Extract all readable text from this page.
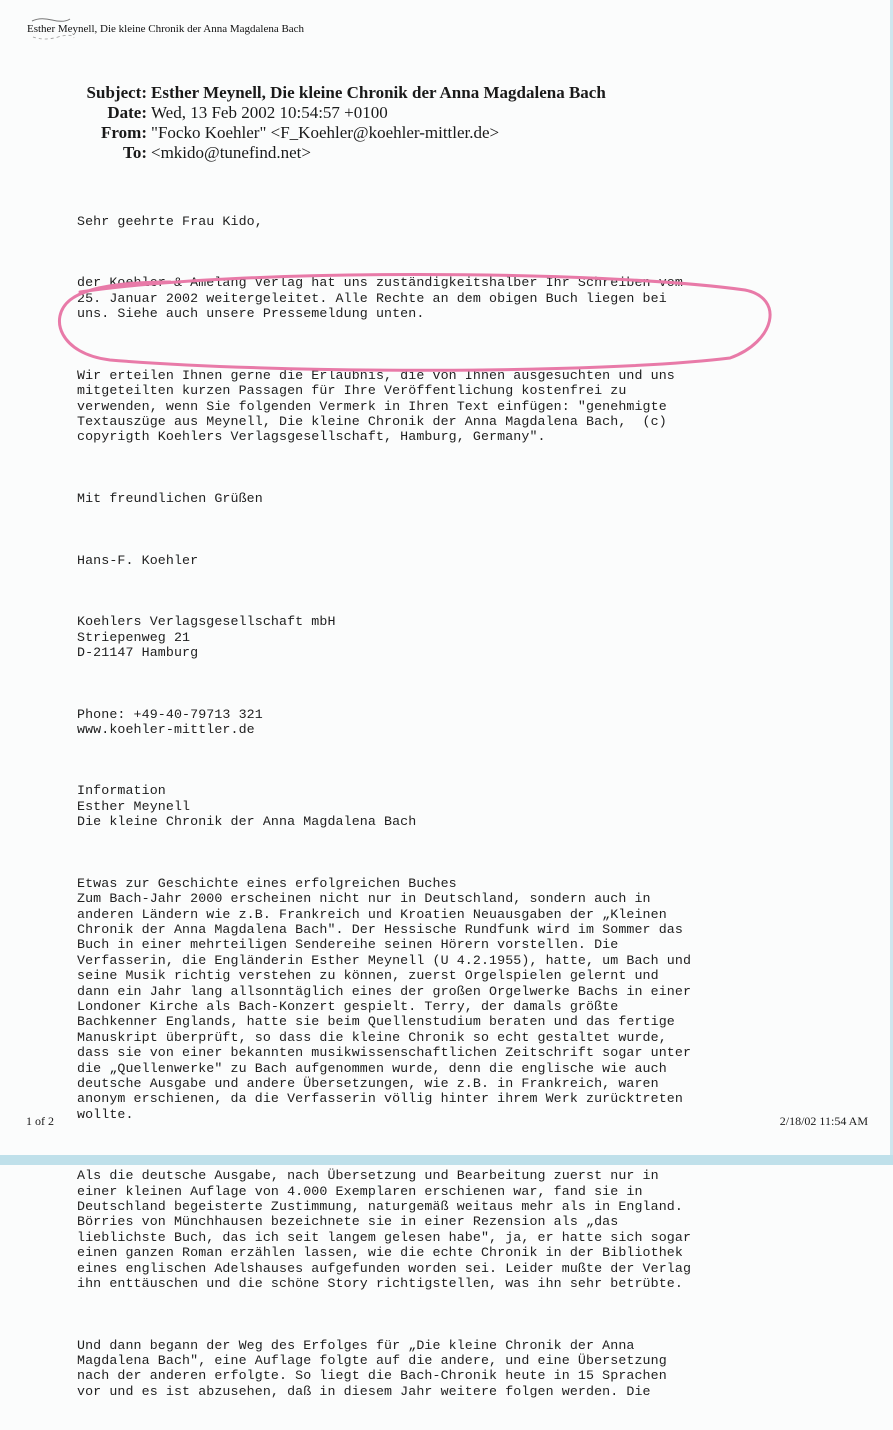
Esther Meynell, Die kleine Chronik der Anna Magdalena Bach
Subject: Esther Meynell, Die kleine Chronik der Anna Magdalena Bach
Date: Wed, 13 Feb 2002 10:54:57 +0100
From: "Focko Koehler" <F_Koehler@koehler-mittler.de>
To: <mkido@tunefind.net>

Sehr geehrte Frau Kido,

der Koehler & Amelang Verlag hat uns zuständigkeitshalber Ihr Schreiben vom
25. Januar 2002 weitergeleitet. Alle Rechte an dem obigen Buch liegen bei
uns. Siehe auch unsere Pressemeldung unten.

Wir erteilen Ihnen gerne die Erlaubnis, die von Ihnen ausgesuchten und uns
mitgeteilten kurzen Passagen für Ihre Veröffentlichung kostenfrei zu
verwenden, wenn Sie folgenden Vermerk in Ihren Text einfügen: "genehmigte
Textauszüge aus Meynell, Die kleine Chronik der Anna Magdalena Bach,  (c)
copyrigth Koehlers Verlagsgesellschaft, Hamburg, Germany".

Mit freundlichen Grüßen

Hans-F. Koehler

Koehlers Verlagsgesellschaft mbH
Striepenweg 21
D-21147 Hamburg

Phone: +49-40-79713 321
www.koehler-mittler.de

Information
Esther Meynell
Die kleine Chronik der Anna Magdalena Bach

Etwas zur Geschichte eines erfolgreichen Buches
Zum Bach-Jahr 2000 erscheinen nicht nur in Deutschland, sondern auch in
anderen Ländern wie z.B. Frankreich und Kroatien Neuausgaben der „Kleinen
Chronik der Anna Magdalena Bach". Der Hessische Rundfunk wird im Sommer das
Buch in einer mehrteiligen Sendereihe seinen Hörern vorstellen. Die
Verfasserin, die Engländerin Esther Meynell (U 4.2.1955), hatte, um Bach und
seine Musik richtig verstehen zu können, zuerst Orgelspielen gelernt und
dann ein Jahr lang allsonntäglich eines der großen Orgelwerke Bachs in einer
Londoner Kirche als Bach-Konzert gespielt. Terry, der damals größte
Bachkenner Englands, hatte sie beim Quellenstudium beraten und das fertige
Manuskript überprüft, so dass die kleine Chronik so echt gestaltet wurde,
dass sie von einer bekannten musikwissenschaftlichen Zeitschrift sogar unter
die „Quellenwerke" zu Bach aufgenommen wurde, denn die englische wie auch
deutsche Ausgabe und andere Übersetzungen, wie z.B. in Frankreich, waren
anonym erschienen, da die Verfasserin völlig hinter ihrem Werk zurücktreten
wollte.

Als die deutsche Ausgabe, nach Übersetzung und Bearbeitung zuerst nur in
einer kleinen Auflage von 4.000 Exemplaren erschienen war, fand sie in
Deutschland begeisterte Zustimmung, naturgemäß weitaus mehr als in England.
Börries von Münchhausen bezeichnete sie in einer Rezension als „das
lieblichste Buch, das ich seit langem gelesen habe", ja, er hatte sich sogar
einen ganzen Roman erzählen lassen, wie die echte Chronik in der Bibliothek
eines englischen Adelshauses aufgefunden worden sei. Leider mußte der Verlag
ihn enttäuschen und die schöne Story richtigstellen, was ihn sehr betrübte.

Und dann begann der Weg des Erfolges für „Die kleine Chronik der Anna
Magdalena Bach", eine Auflage folgte auf die andere, und eine Übersetzung
nach der anderen erfolgte. So liegt die Bach-Chronik heute in 15 Sprachen
vor und es ist abzusehen, daß in diesem Jahr weitere folgen werden. Die

1 of 2	2/18/02 11:54 AM
